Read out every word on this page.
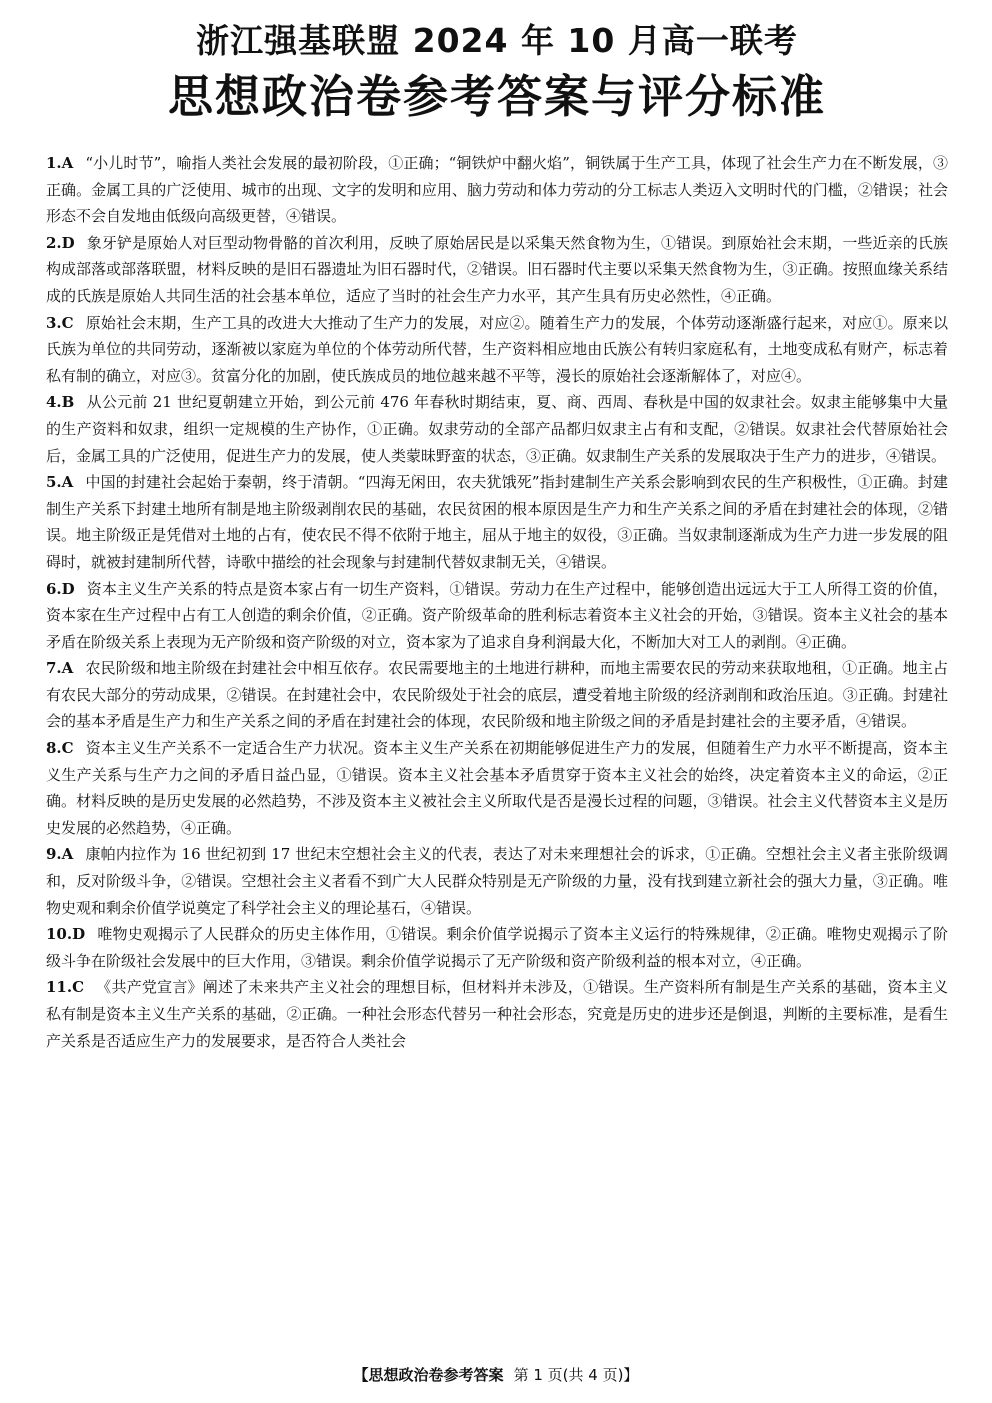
浙江强基联盟 2024 年 10 月高一联考
思想政治卷参考答案与评分标准

1.A “小儿时节”，喻指人类社会发展的最初阶段，①正确；“铜铁炉中翻火焰”，铜铁属于生产工具，体现了社会生产力在不断发展，③正确。金属工具的广泛使用、城市的出现、文字的发明和应用、脑力劳动和体力劳动的分工标志人类迈入文明时代的门槛，②错误；社会形态不会自发地由低级向高级更替，④错误。

2.D 象牙铲是原始人对巨型动物骨骼的首次利用，反映了原始居民是以采集天然食物为生，①错误。到原始社会末期，一些近亲的氏族构成部落或部落联盟，材料反映的是旧石器遗址为旧石器时代，②错误。旧石器时代主要以采集天然食物为生，③正确。按照血缘关系结成的氏族是原始人共同生活的社会基本单位，适应了当时的社会生产力水平，其产生具有历史必然性，④正确。

3.C 原始社会末期，生产工具的改进大大推动了生产力的发展，对应②。随着生产力的发展，个体劳动逐渐盛行起来，对应①。原来以氏族为单位的共同劳动，逐渐被以家庭为单位的个体劳动所代替，生产资料相应地由氏族公有转归家庭私有，土地变成私有财产，标志着私有制的确立，对应③。贫富分化的加剧，使氏族成员的地位越来越不平等，漫长的原始社会逐渐解体了，对应④。

4.B 从公元前 21 世纪夏朝建立开始，到公元前 476 年春秋时期结束，夏、商、西周、春秋是中国的奴隶社会。奴隶主能够集中大量的生产资料和奴隶，组织一定规模的生产协作，①正确。奴隶劳动的全部产品都归奴隶主占有和支配，②错误。奴隶社会代替原始社会后，金属工具的广泛使用，促进生产力的发展，使人类蒙昧野蛮的状态，③正确。奴隶制生产关系的发展取决于生产力的进步，④错误。

5.A 中国的封建社会起始于秦朝，终于清朝。“四海无闲田，农夫犹饿死”指封建制生产关系会影响到农民的生产积极性，①正确。封建制生产关系下封建土地所有制是地主阶级剥削农民的基础，农民贫困的根本原因是生产力和生产关系之间的矛盾在封建社会的体现，②错误。地主阶级正是凭借对土地的占有，使农民不得不依附于地主，屈从于地主的奴役，③正确。当奴隶制逐渐成为生产力进一步发展的阻碍时，就被封建制所代替，诗歌中描绘的社会现象与封建制代替奴隶制无关，④错误。

6.D 资本主义生产关系的特点是资本家占有一切生产资料，①错误。劳动力在生产过程中，能够创造出远远大于工人所得工资的价值，资本家在生产过程中占有工人创造的剩余价值，②正确。资产阶级革命的胜利标志着资本主义社会的开始，③错误。资本主义社会的基本矛盾在阶级关系上表现为无产阶级和资产阶级的对立，资本家为了追求自身利润最大化，不断加大对工人的剥削。④正确。

7.A 农民阶级和地主阶级在封建社会中相互依存。农民需要地主的土地进行耕种，而地主需要农民的劳动来获取地租，①正确。地主占有农民大部分的劳动成果，②错误。在封建社会中，农民阶级处于社会的底层，遭受着地主阶级的经济剥削和政治压迫。③正确。封建社会的基本矛盾是生产力和生产关系之间的矛盾在封建社会的体现，农民阶级和地主阶级之间的矛盾是封建社会的主要矛盾，④错误。

8.C 资本主义生产关系不一定适合生产力状况。资本主义生产关系在初期能够促进生产力的发展，但随着生产力水平不断提高，资本主义生产关系与生产力之间的矛盾日益凸显，①错误。资本主义社会基本矛盾贯穿于资本主义社会的始终，决定着资本主义的命运，②正确。材料反映的是历史发展的必然趋势，不涉及资本主义被社会主义所取代是否是漫长过程的问题，③错误。社会主义代替资本主义是历史发展的必然趋势，④正确。

9.A 康帕内拉作为 16 世纪初到 17 世纪末空想社会主义的代表，表达了对未来理想社会的诉求，①正确。空想社会主义者主张阶级调和，反对阶级斗争，②错误。空想社会主义者看不到广大人民群众特别是无产阶级的力量，没有找到建立新社会的强大力量，③正确。唯物史观和剩余价值学说奠定了科学社会主义的理论基石，④错误。

10.D 唯物史观揭示了人民群众的历史主体作用，①错误。剩余价值学说揭示了资本主义运行的特殊规律，②正确。唯物史观揭示了阶级斗争在阶级社会发展中的巨大作用，③错误。剩余价值学说揭示了无产阶级和资产阶级利益的根本对立，④正确。

11.C 《共产党宣言》阐述了未来共产主义社会的理想目标，但材料并未涉及，①错误。生产资料所有制是生产关系的基础，资本主义私有制是资本主义生产关系的基础，②正确。一种社会形态代替另一种社会形态，究竟是历史的进步还是倒退，判断的主要标准，是看生产关系是否适应生产力的发展要求，是否符合人类社会

【思想政治卷参考答案 第 1 页(共 4 页)】
